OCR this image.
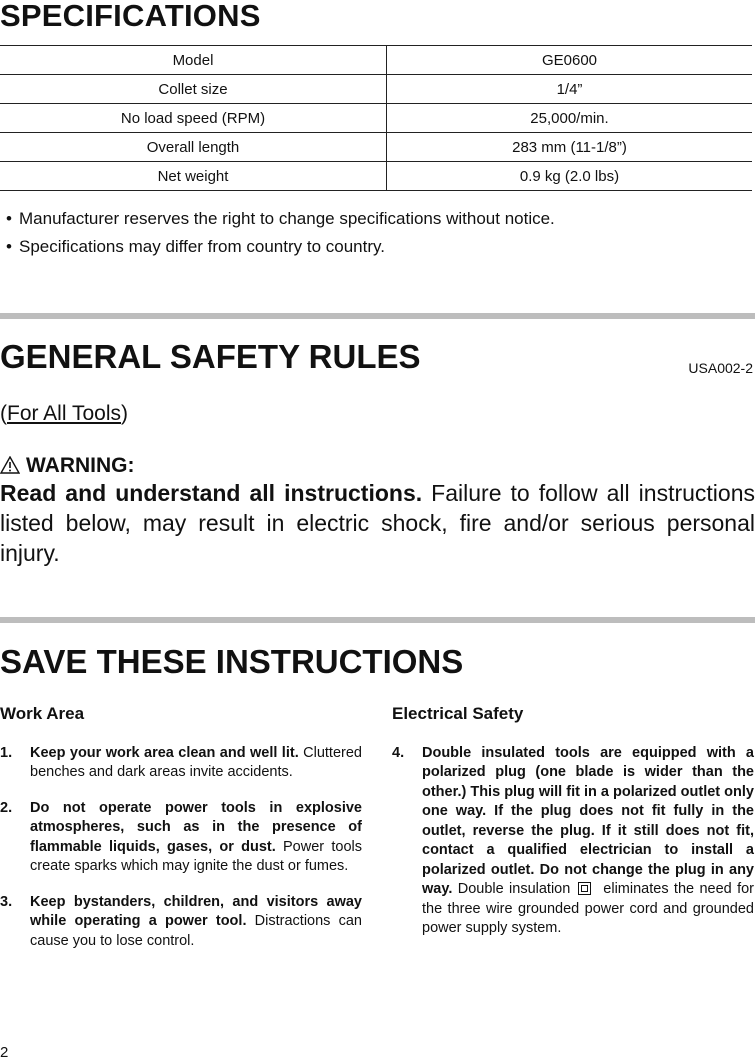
SPECIFICATIONS
Model	GE0600
Collet size	1/4”
No load speed (RPM)	25,000/min.
Overall length	283 mm (11-1/8”)
Net weight	0.9 kg (2.0 lbs)
• Manufacturer reserves the right to change specifications without notice.
• Specifications may differ from country to country.
GENERAL SAFETY RULES	USA002-2
(For All Tools)
WARNING:

Read and understand all instructions. Failure to follow all instructions listed below, may result in electric shock, fire and/or serious personal injury.

SAVE THESE INSTRUCTIONS
Work Area
1. Keep your work area clean and well lit. Cluttered benches and dark areas invite accidents.
2. Do not operate power tools in explosive atmospheres, such as in the presence of flammable liquids, gases, or dust. Power tools create sparks which may ignite the dust or fumes.
3. Keep bystanders, children, and visitors away while operating a power tool. Distractions can cause you to lose control.
Electrical Safety
4. Double insulated tools are equipped with a polarized plug (one blade is wider than the other.) This plug will fit in a polarized outlet only one way. If the plug does not fit fully in the outlet, reverse the plug. If it still does not fit, contact a qualified electrician to install a polarized outlet. Do not change the plug in any way. Double insulation eliminates the need for the three wire grounded power cord and grounded power supply system.
2
